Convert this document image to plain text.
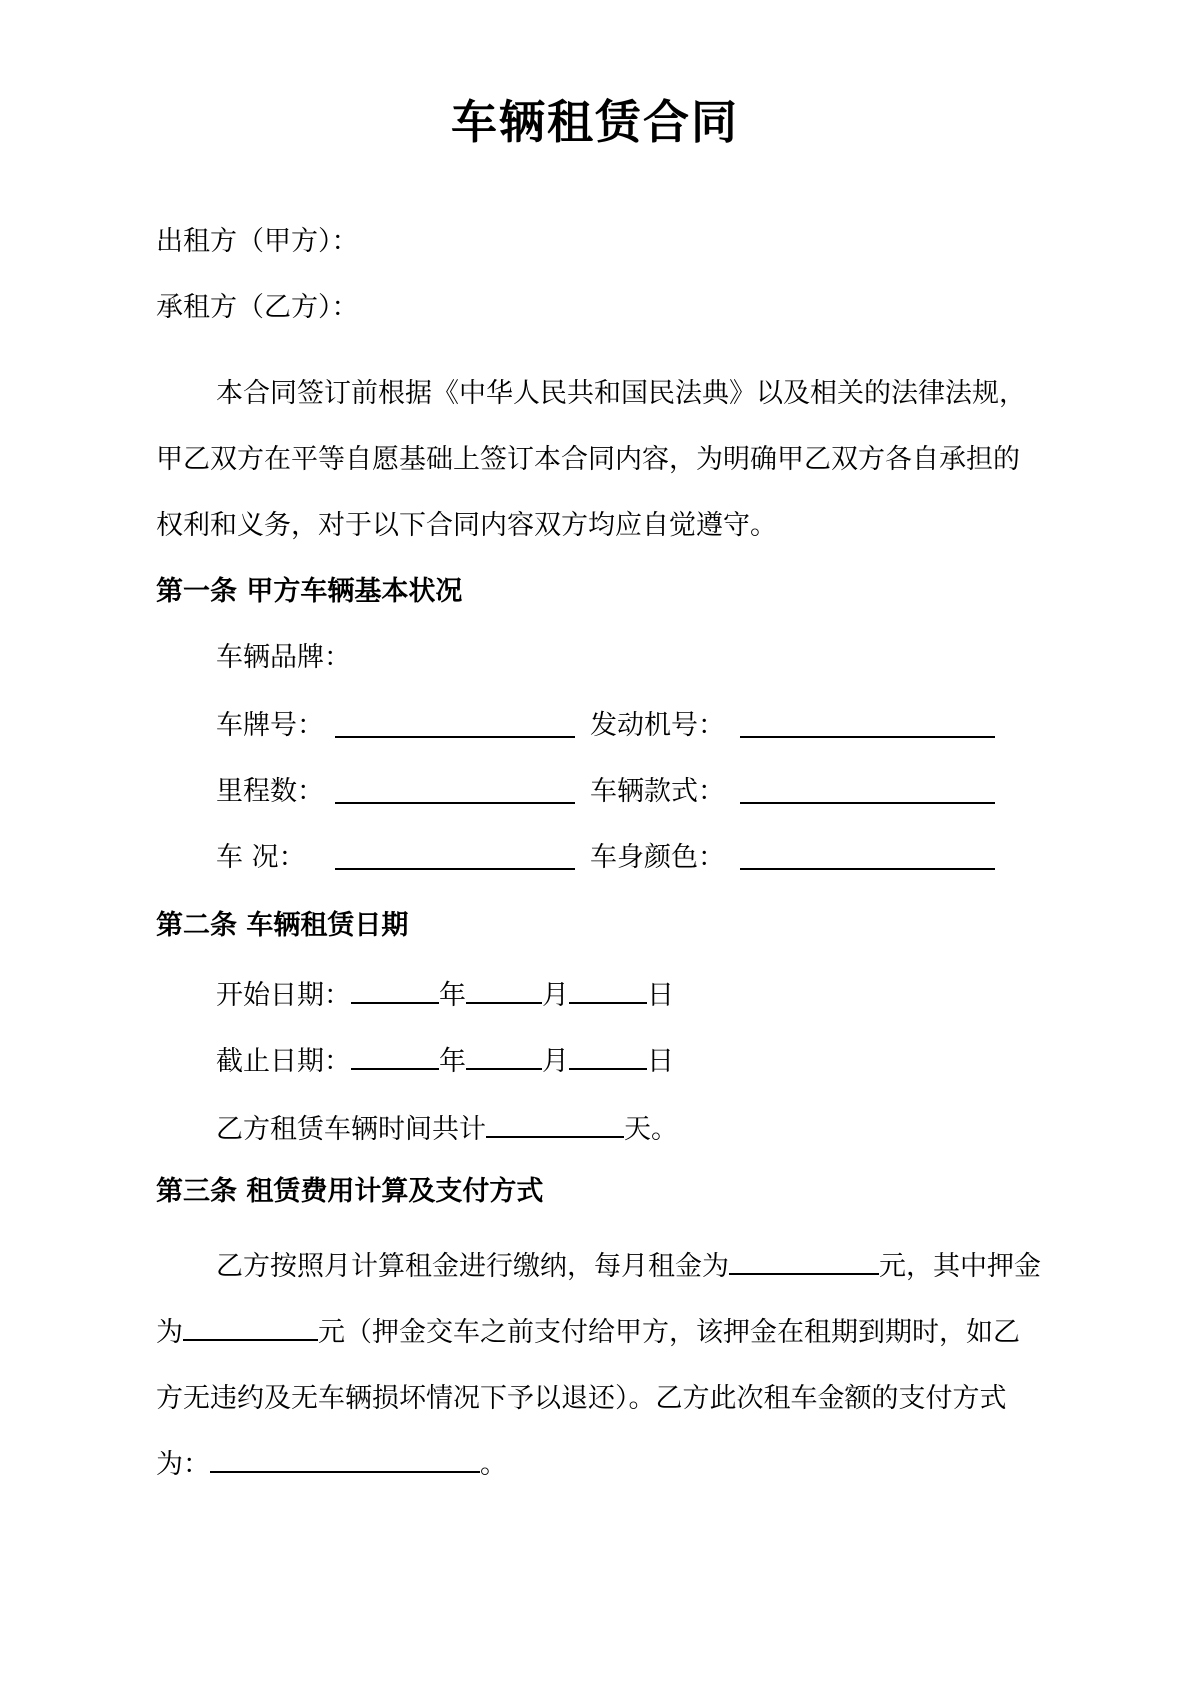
车辆租赁合同
出租方（甲方）：
承租方（乙方）：
本合同签订前根据《中华人民共和国民法典》以及相关的法律法规，甲乙双方在平等自愿基础上签订本合同内容，为明确甲乙双方各自承担的权利和义务，对于以下合同内容双方均应自觉遵守。
第一条 甲方车辆基本状况
车辆品牌：
车牌号：	发动机号：
里程数：	车辆款式：
车 况：	车身颜色：
第二条 车辆租赁日期
开始日期：	年	月	日
截止日期：	年	月	日
乙方租赁车辆时间共计	天。
第三条 租赁费用计算及支付方式
乙方按照月计算租金进行缴纳，每月租金为	元，其中押金为	元（押金交车之前支付给甲方，该押金在租期到期时，如乙方无违约及无车辆损坏情况下予以退还）。乙方此次租车金额的支付方式为：	。
